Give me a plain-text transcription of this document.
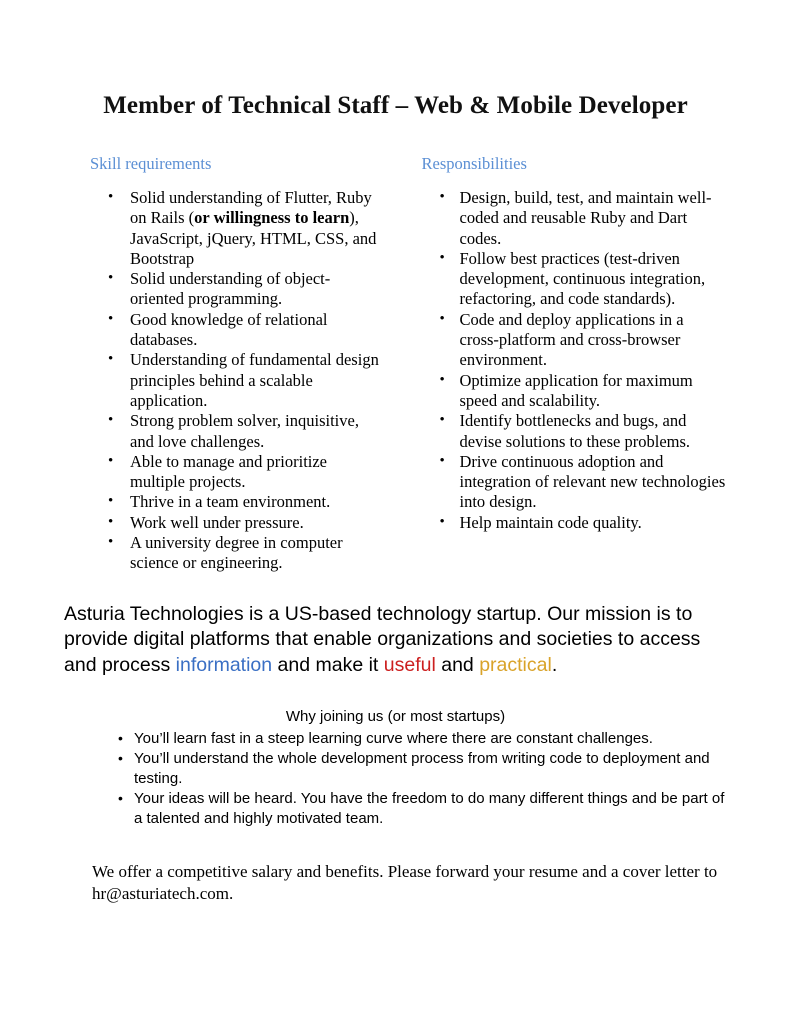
Member of Technical Staff – Web & Mobile Developer
Skill requirements
• Solid understanding of Flutter, Ruby on Rails (or willingness to learn), JavaScript, jQuery, HTML, CSS, and Bootstrap
• Solid understanding of object-oriented programming.
• Good knowledge of relational databases.
• Understanding of fundamental design principles behind a scalable application.
• Strong problem solver, inquisitive, and love challenges.
• Able to manage and prioritize multiple projects.
• Thrive in a team environment.
• Work well under pressure.
• A university degree in computer science or engineering.
Responsibilities
• Design, build, test, and maintain well-coded and reusable Ruby and Dart codes.
• Follow best practices (test-driven development, continuous integration, refactoring, and code standards).
• Code and deploy applications in a cross-platform and cross-browser environment.
• Optimize application for maximum speed and scalability.
• Identify bottlenecks and bugs, and devise solutions to these problems.
• Drive continuous adoption and integration of relevant new technologies into design.
• Help maintain code quality.

Asturia Technologies is a US-based technology startup. Our mission is to provide digital platforms that enable organizations and societies to access and process information and make it useful and practical.

Why joining us (or most startups)
• You’ll learn fast in a steep learning curve where there are constant challenges.
• You’ll understand the whole development process from writing code to deployment and testing.
• Your ideas will be heard. You have the freedom to do many different things and be part of a talented and highly motivated team.

We offer a competitive salary and benefits. Please forward your resume and a cover letter to hr@asturiatech.com.
